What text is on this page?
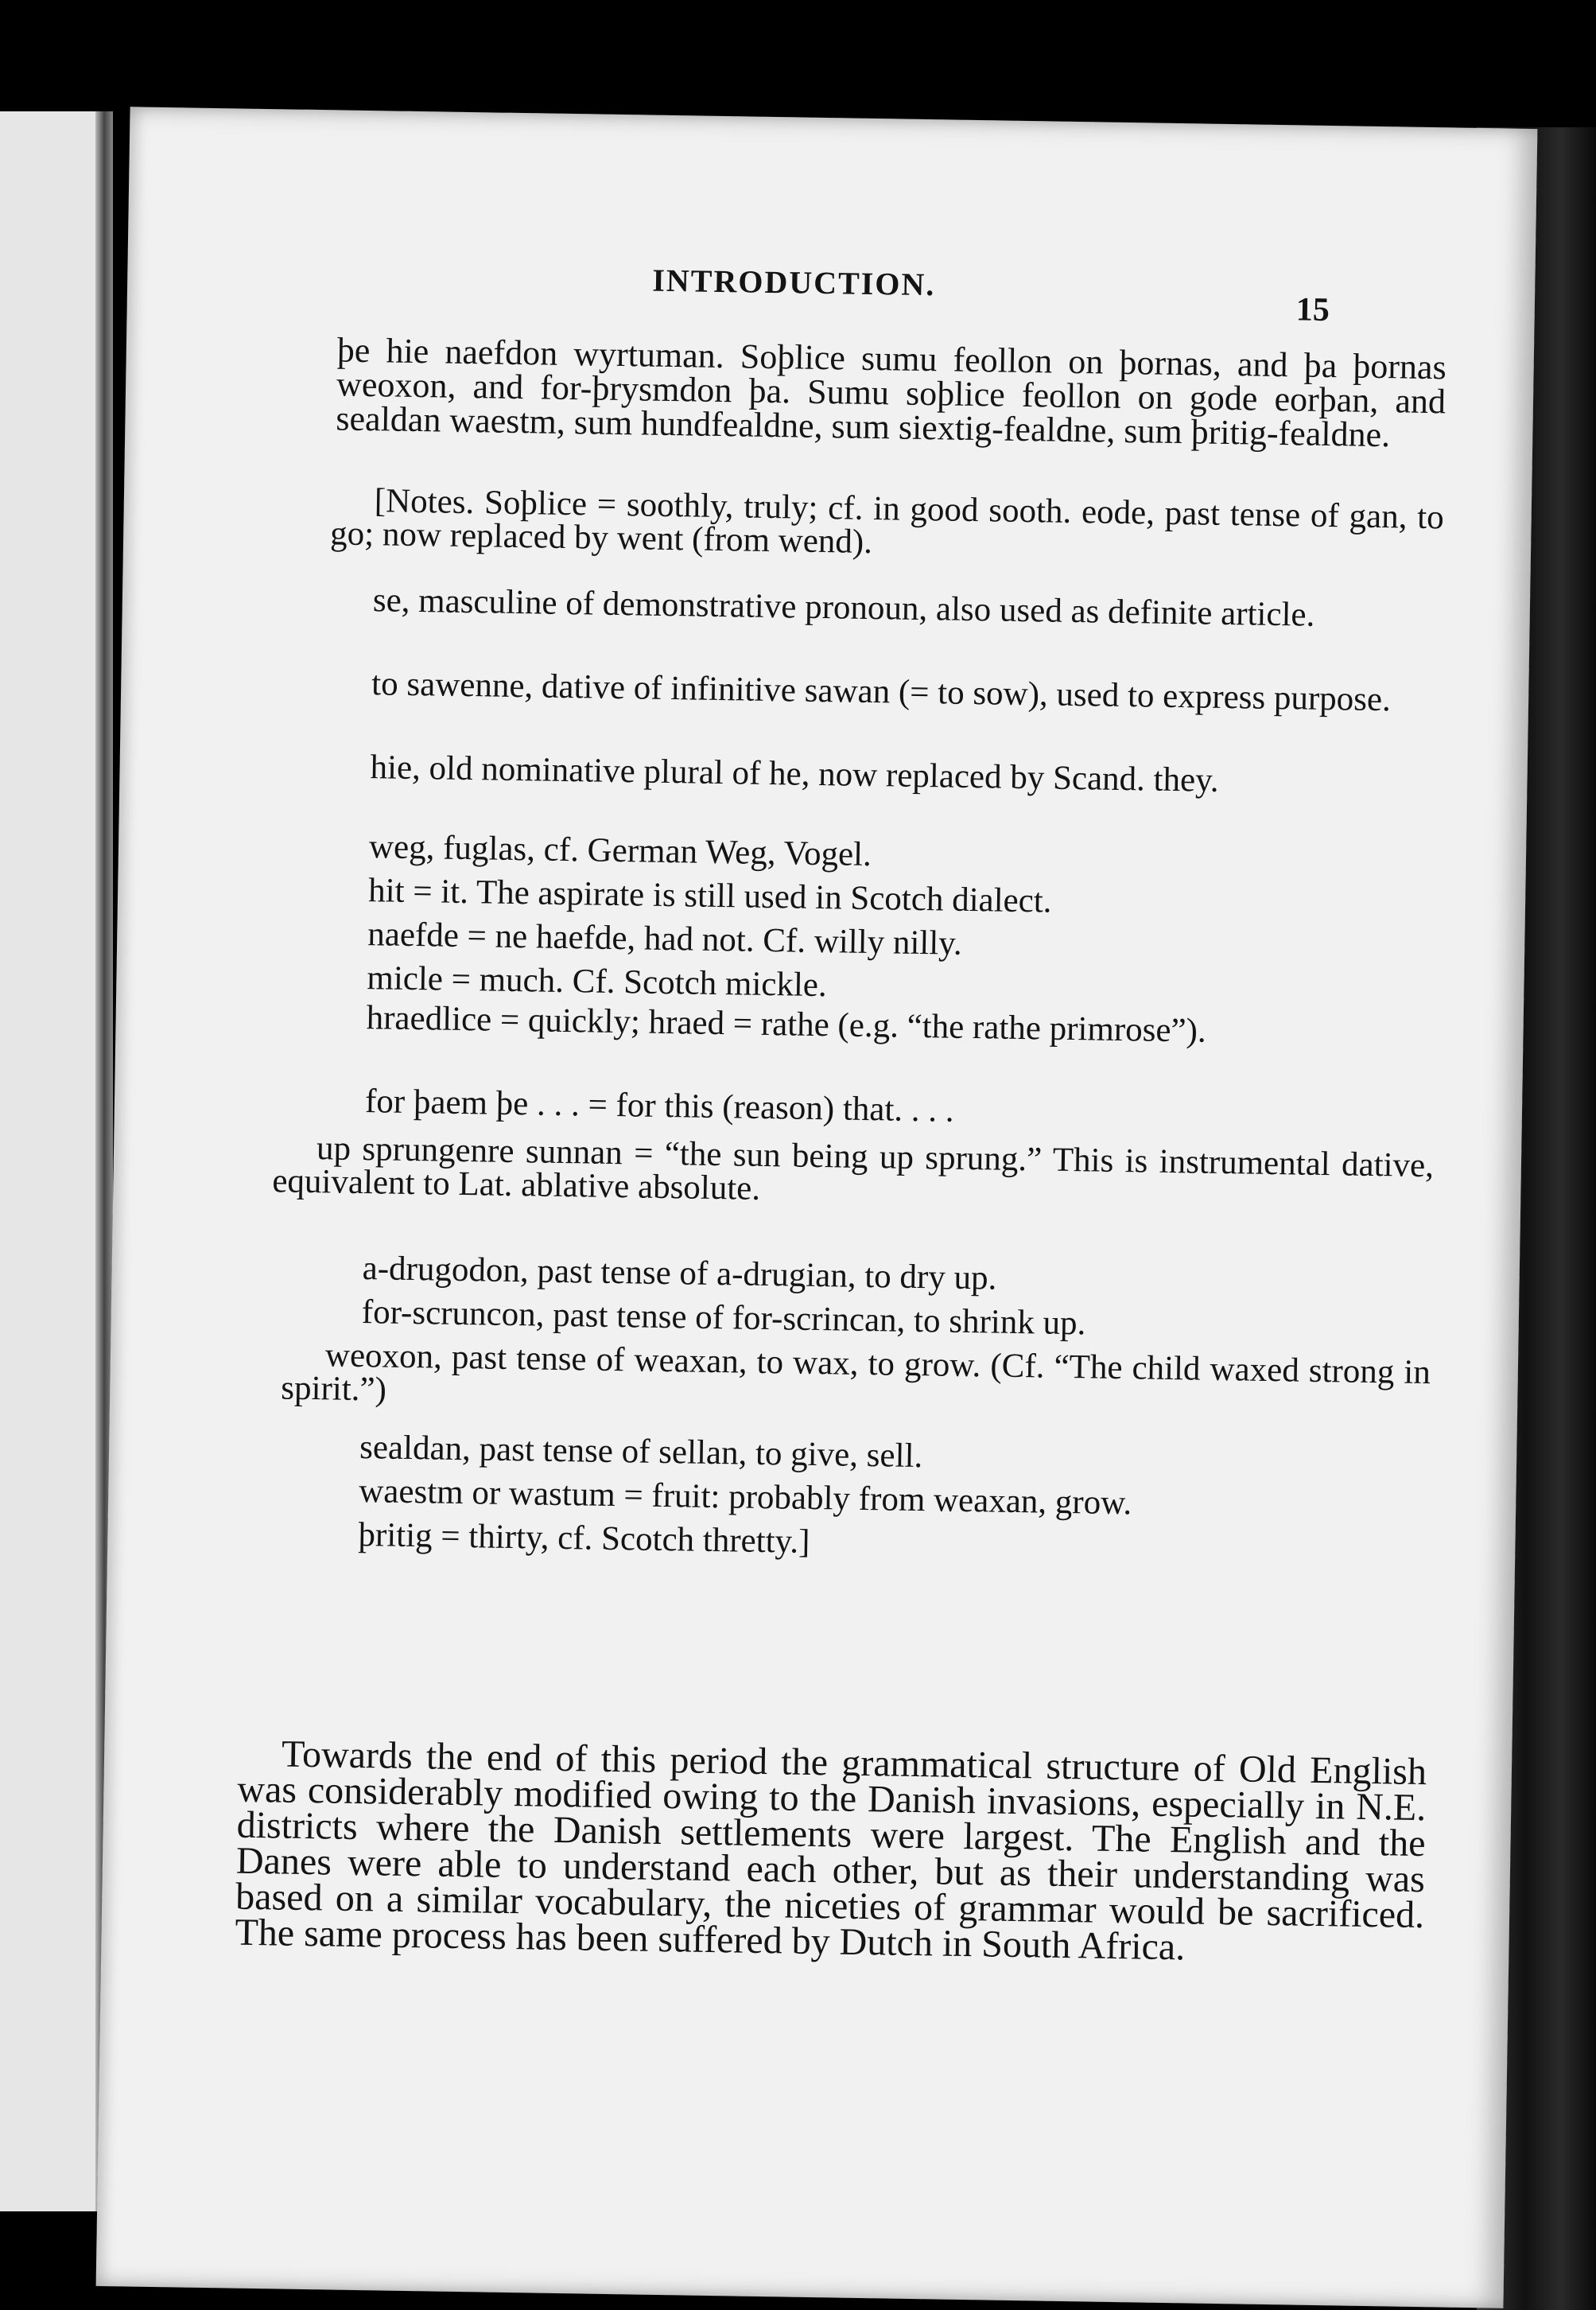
INTRODUCTION.
15
þe hie naefdon wyrtuman. Soþlice sumu feollon on þornas, and þa þornas weoxon, and for-þrysmdon þa. Sumu soþlice feollon on gode eorþan, and sealdan waestm, sum hundfealdne, sum siextig-fealdne, sum þritig-fealdne.
[Notes. Soþlice = soothly, truly; cf. in good sooth. eode, past tense of gan, to go; now replaced by went (from wend).
se, masculine of demonstrative pronoun, also used as definite article.
to sawenne, dative of infinitive sawan (= to sow), used to express purpose.
hie, old nominative plural of he, now replaced by Scand. they.
weg, fuglas, cf. German Weg, Vogel.
hit = it. The aspirate is still used in Scotch dialect.
naefde = ne haefde, had not. Cf. willy nilly.
micle = much. Cf. Scotch mickle.
hraedlice = quickly; hraed = rathe (e.g. “the rathe primrose”).
for þaem þe . . . = for this (reason) that. . . .
up sprungenre sunnan = “the sun being up sprung.” This is instrumental dative, equivalent to Lat. ablative absolute.
a-drugodon, past tense of a-drugian, to dry up.
for-scruncon, past tense of for-scrincan, to shrink up.
weoxon, past tense of weaxan, to wax, to grow. (Cf. “The child waxed strong in spirit.”)
sealdan, past tense of sellan, to give, sell.
waestm or wastum = fruit: probably from weaxan, grow.
þritig = thirty, cf. Scotch thretty.]
Towards the end of this period the grammatical structure of Old English was considerably modified owing to the Danish invasions, especially in N.E. districts where the Danish settlements were largest. The English and the Danes were able to understand each other, but as their understanding was based on a similar vocabulary, the niceties of grammar would be sacrificed. The same process has been suffered by Dutch in South Africa.
